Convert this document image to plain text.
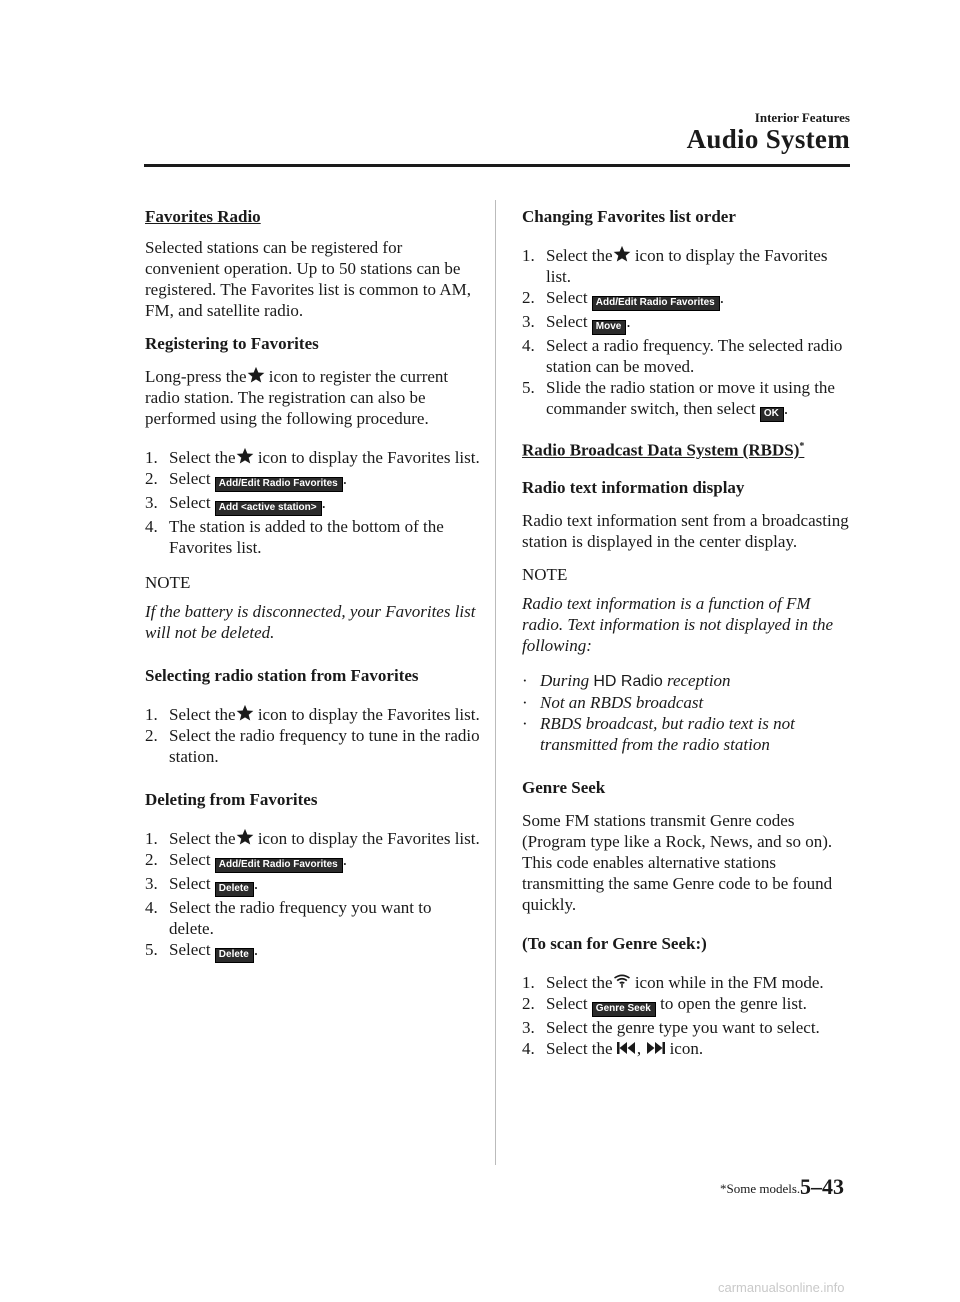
Interior Features
Audio System
Favorites Radio

Selected stations can be registered for convenient operation. Up to 50 stations can be registered. The Favorites list is common to AM, FM, and satellite radio.

Registering to Favorites

Long-press the icon to register the current radio station. The registration can also be performed using the following procedure.

1. Select the icon to display the Favorites list.
2. Select Add/Edit Radio Favorites .
3. Select Add <active station> .
4. The station is added to the bottom of the Favorites list.
NOTE
If the battery is disconnected, your Favorites list will not be deleted.
Selecting radio station from Favorites
1. Select the icon to display the Favorites list.
2. Select the radio frequency to tune in the radio station.
Deleting from Favorites
1. Select the icon to display the Favorites list.
2. Select Add/Edit Radio Favorites .
3. Select Delete .
4. Select the radio frequency you want to delete.
5. Select Delete .
Changing Favorites list order
1. Select the icon to display the Favorites list.
2. Select Add/Edit Radio Favorites .
3. Select Move .
4. Select a radio frequency. The selected radio station can be moved.
5. Slide the radio station or move it using the commander switch, then select OK .
Radio Broadcast Data System (RBDS)*
Radio text information display

Radio text information sent from a broadcasting station is displayed in the center display.

NOTE
Radio text information is a function of FM radio. Text information is not displayed in the following:
· During HD Radio reception
· Not an RBDS broadcast
· RBDS broadcast, but radio text is not transmitted from the radio station
Genre Seek

Some FM stations transmit Genre codes (Program type like a Rock, News, and so on). This code enables alternative stations transmitting the same Genre code to be found quickly.

(To scan for Genre Seek:)
1. Select the icon while in the FM mode.
2. Select Genre Seek to open the genre list.
3. Select the genre type you want to select.
4. Select the , icon.
*Some models. 5–43
carmanualsonline.info
